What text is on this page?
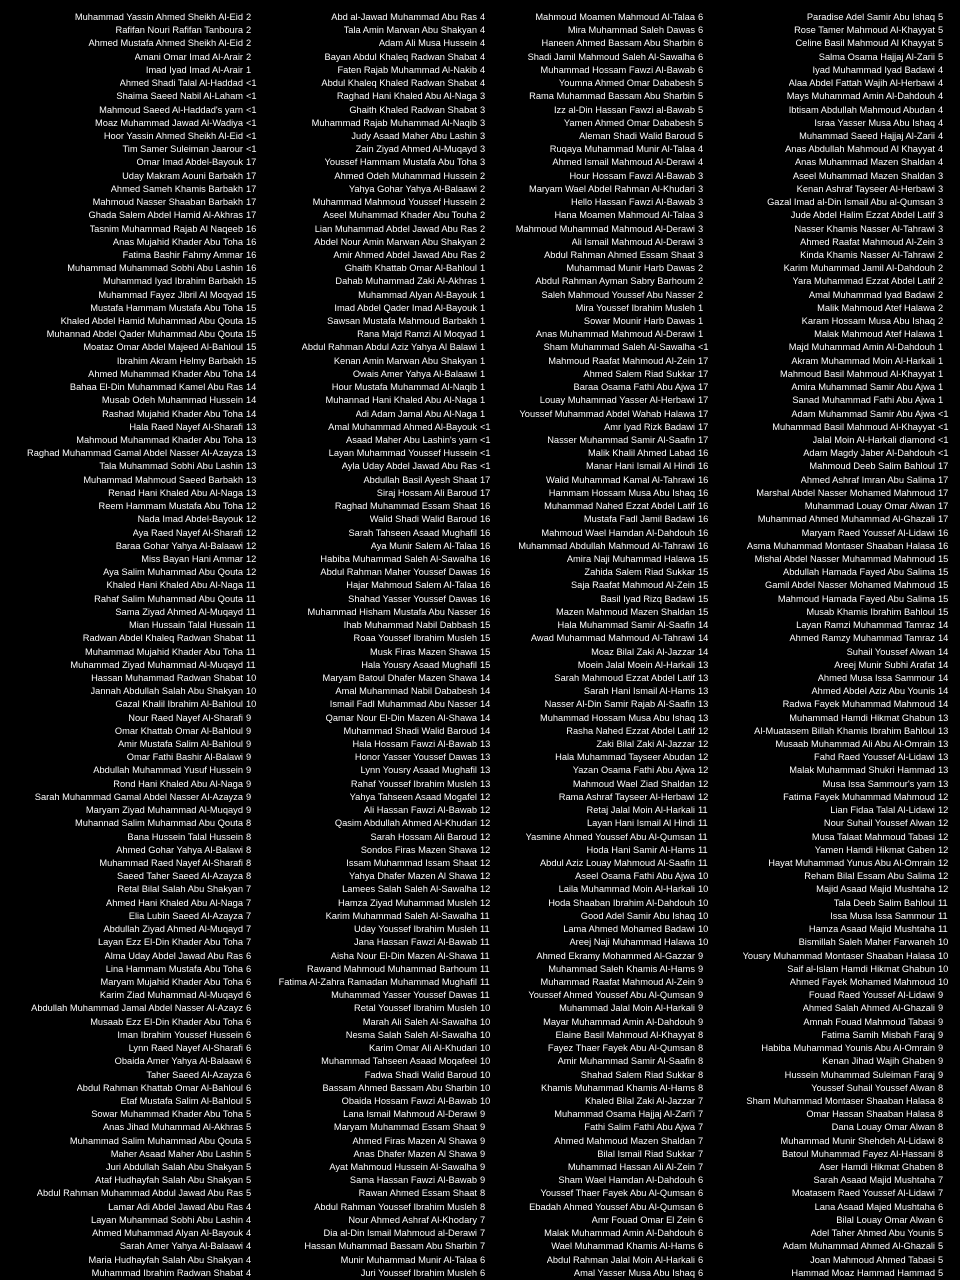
Muhammad Yassin Ahmed Sheikh Al-Eid 2
Rafifan Nouri Rafifan Tanboura 2
Ahmed Mustafa Ahmed Sheikh Al-Eid 2
Amani Omar Imad Al-Arair 2
Imad Iyad Imad Al-Arair 1
Ahmed Shadi Talal Al-Haddad <1
Shaima Saeed Nabil Al-Laham <1
Mahmoud Saeed Al-Haddad's yarn <1
Moaz Muhammad Jawad Al-Wadiya <1
Hoor Yassin Ahmed Sheikh Al-Eid <1
Tim Samer Suleiman Jaarour <1
Omar Imad Abdel-Bayouk 17
Uday Makram Aouni Barbakh 17
Ahmed Sameh Khamis Barbakh 17
Mahmoud Nasser Shaaban Barbakh 17
Ghada Salem Abdel Hamid Al-Akhras 17
Tasnim Muhammad Rajab Al Naqeeb 16
Anas Mujahid Khader Abu Toha 16
Fatima Bashir Fahmy Ammar 16
Muhammad Muhammad Sobhi Abu Lashin 16
Muhammad Iyad Ibrahim Barbakh 15
Muhammad Fayez Jibril Al Moqyad 15
Mustafa Hammam Mustafa Abu Toha 15
Khaled Abdel Hamid Muhammad Abu Qouta 15
Muhannad Abdel Qader Muhammad Abu Qouta 15
Moataz Omar Abdel Majeed Al-Bahloul 15
Ibrahim Akram Helmy Barbakh 15
Ahmed Muhammad Khader Abu Toha 14
Bahaa El-Din Muhammad Kamel Abu Ras 14
Musab Odeh Muhammad Hussein 14
Rashad Mujahid Khader Abu Toha 14
Hala Raed Nayef Al-Sharafi 13
Mahmoud Muhammad Khader Abu Toha 13
Raghad Muhammad Gamal Abdel Nasser Al-Azayza 13
Tala Muhammad Sobhi Abu Lashin 13
Muhammad Mahmoud Saeed Barbakh 13
Renad Hani Khaled Abu Al-Naga 13
Reem Hammam Mustafa Abu Toha 12
Nada Imad Abdel-Bayouk 12
Aya Raed Nayef Al-Sharafi 12
Baraa Gohar Yahya Al-Balaawi 12
Miss Bayan Hani Ammar 12
Aya Salim Muhammad Abu Qouta 12
Khaled Hani Khaled Abu Al-Naga 11
Rahaf Salim Muhammad Abu Qouta 11
Sama Ziyad Ahmed Al-Muqayd 11
Mian Hussain Talal Hussain 11
Radwan Abdel Khaleq Radwan Shabat 11
Muhammad Mujahid Khader Abu Toha 11
Muhammad Ziyad Muhammad Al-Muqayd 11
Hassan Muhammad Radwan Shabat 10
Jannah Abdullah Salah Abu Shakyan 10
Gazal Khalil Ibrahim Al-Bahloul 10
Nour Raed Nayef Al-Sharafi 9
Omar Khattab Omar Al-Bahloul 9
Amir Mustafa Salim Al-Bahloul 9
Omar Fathi Bashir Al-Balawi 9
Abdullah Muhammad Yusuf Hussein 9
Rond Hani Khaled Abu Al-Naga 9
Sarah Muhammad Gamal Abdel Nasser Al-Azayza 9
Maryam Ziyad Muhammad Al-Muqayd 9
Muhannad Salim Muhammad Abu Qouta 8
Bana Hussein Talal Hussein 8
Ahmed Gohar Yahya Al-Balawi 8
Muhammad Raed Nayef Al-Sharafi 8
Saeed Taher Saeed Al-Azayza 8
Retal Bilal Salah Abu Shakyan 7
Ahmed Hani Khaled Abu Al-Naga 7
Elia Lubin Saeed Al-Azayza 7
Abdullah Ziyad Ahmed Al-Muqayd 7
Layan Ezz El-Din Khader Abu Toha 7
Alma Uday Abdel Jawad Abu Ras 6
Lina Hammam Mustafa Abu Toha 6
Maryam Mujahid Khader Abu Toha 6
Karim Ziad Muhammad Al-Muqayd 6
Abdullah Muhammad Jamal Abdel Nasser Al-Azayz 6
Musaab Ezz El-Din Khader Abu Toha 6
Iman Ibrahim Youssef Hussein 6
Lynn Raed Nayef Al-Sharafi 6
Obaida Amer Yahya Al-Balaawi 6
Taher Saeed Al-Azayza 6
Abdul Rahman Khattab Omar Al-Bahloul 6
Etaf Mustafa Salim Al-Bahloul 5
Sowar Muhammad Khader Abu Toha 5
Anas Jihad Muhammad Al-Akhras 5
Muhammad Salim Muhammad Abu Qouta 5
Maher Asaad Maher Abu Lashin 5
Juri Abdullah Salah Abu Shakyan 5
Ataf Hudhayfah Salah Abu Shakyan 5
Abdul Rahman Muhammad Abdul Jawad Abu Ras 5
Lamar Adi Abdel Jawad Abu Ras 4
Layan Muhammad Sobhi Abu Lashin 4
Ahmed Muhammad Alyan Al-Bayouk 4
Sarah Amer Yahya Al-Balaawi 4
Maria Hudhayfah Salah Abu Shakyan 4
Muhammad Ibrahim Radwan Shabat 4
Abd al-Jawad Muhammad Abu Ras 4
Tala Amin Marwan Abu Shakyan 4
Adam Ali Musa Hussein 4
Bayan Abdul Khaleq Radwan Shabat 4
Faten Rajab Muhammad Al-Nakib 4
Abdul Khaleq Khaled Radwan Shabat 4
Raghad Hani Khaled Abu Al-Naga 3
Ghaith Khaled Radwan Shabat 3
Muhammad Rajab Muhammad Al-Naqib 3
Judy Asaad Maher Abu Lashin 3
Zain Ziyad Ahmed Al-Muqayd 3
Youssef Hammam Mustafa Abu Toha 3
Ahmed Odeh Muhammad Hussein 2
Yahya Gohar Yahya Al-Balaawi 2
Muhammad Mahmoud Youssef Hussein 2
Aseel Muhammad Khader Abu Touha 2
Lian Muhammad Abdel Jawad Abu Ras 2
Abdel Nour Amin Marwan Abu Shakyan 2
Amir Ahmed Abdel Jawad Abu Ras 2
Ghaith Khattab Omar Al-Bahloul 1
Dahab Muhammad Zaki Al-Akhras 1
Muhammad Alyan Al-Bayouk 1
Imad Abdel Qader Imad Al-Bayouk 1
Sawsan Mustafa Mahmoud Barbakh 1
Rana Majd Ramzi Al Moqyad 1
Abdul Rahman Abdul Aziz Yahya Al Balawi 1
Kenan Amin Marwan Abu Shakyan 1
Owais Amer Yahya Al-Balaawi 1
Hour Mustafa Muhammad Al-Naqib 1
Muhannad Hani Khaled Abu Al-Naga 1
Adi Adam Jamal Abu Al-Naga 1
Amal Muhammad Ahmed Al-Bayouk <1
Asaad Maher Abu Lashin's yarn <1
Layan Muhammad Youssef Hussein <1
Ayla Uday Abdel Jawad Abu Ras <1
Abdullah Basil Ayesh Shaat 17
Siraj Hossam Ali Baroud 17
Raghad Muhammad Essam Shaat 16
Walid Shadi Walid Baroud 16
Sarah Tahseen Asaad Mughafil 16
Aya Munir Salem Al-Talaa 16
Habiba Muhammad Saleh Al-Sawalha 16
Abdul Rahman Maher Youssef Dawas 16
Hajar Mahmoud Salem Al-Talaa 16
Shahad Yasser Youssef Dawas 16
Muhammad Hisham Mustafa Abu Nasser 16
Ihab Muhammad Nabil Dabbash 15
Roaa Youssef Ibrahim Musleh 15
Musk Firas Mazen Shawa 15
Hala Yousry Asaad Mughafil 15
Maryam Batoul Dhafer Mazen Shawa 14
Amal Muhammad Nabil Dababesh 14
Ismail Fadl Muhammad Abu Nasser 14
Qamar Nour El-Din Mazen Al-Shawa 14
Muhammad Shadi Walid Baroud 14
Hala Hossam Fawzi Al-Bawab 13
Honor Yasser Youssef Dawas 13
Lynn Yousry Asaad Mughafil 13
Rahaf Youssef Ibrahim Musleh 13
Yahya Tahseen Asaad Mogafel 12
Ali Hassan Fawzi Al-Bawab 12
Qasim Abdullah Ahmed Al-Khudari 12
Sarah Hossam Ali Baroud 12
Sondos Firas Mazen Shawa 12
Issam Muhammad Issam Shaat 12
Yahya Dhafer Mazen Al Shawa 12
Lamees Salah Saleh Al-Sawalha 12
Hamza Ziyad Muhammad Musleh 12
Karim Muhammad Saleh Al-Sawalha 11
Uday Youssef Ibrahim Musleh 11
Jana Hassan Fawzi Al-Bawab 11
Aisha Nour El-Din Mazen Al-Shawa 11
Rawand Mahmoud Muhammad Barhoum 11
Fatima Al-Zahra Ramadan Muhammad Mughafil 11
Muhammad Yasser Youssef Dawas 11
Retal Youssef Ibrahim Musleh 10
Marah Ali Saleh Al-Sawalha 10
Nesma Salah Saleh Al-Sawalha 10
Karim Omar Ali Al-Khudari 10
Muhammad Tahseen Asaad Moqafeel 10
Fadwa Shadi Walid Baroud 10
Bassam Ahmed Bassam Abu Sharbin 10
Obaida Hossam Fawzi Al-Bawab 10
Lana Ismail Mahmoud Al-Derawi 9
Maryam Muhammad Essam Shaat 9
Ahmed Firas Mazen Al Shawa 9
Anas Dhafer Mazen Al Shawa 9
Ayat Mahmoud Hussein Al-Sawalha 9
Sama Hassan Fawzi Al-Bawab 9
Rawan Ahmed Essam Shaat 8
Abdul Rahman Youssef Ibrahim Musleh 8
Nour Ahmed Ashraf Al-Khodary 7
Dia al-Din Ismail Mahmoud al-Derawi 7
Hassan Muhammad Bassam Abu Sharbin 7
Munir Muhammad Munir Al-Talaa 6
Juri Youssef Ibrahim Musleh 6
Mahmoud Moamen Mahmoud Al-Talaa 6
Mira Muhammad Saleh Dawas 6
Haneen Ahmed Bassam Abu Sharbin 6
Shadi Jamil Mahmoud Saleh Al-Sawalha 6
Muhammad Hossam Fawzi Al-Bawab 6
Youmna Ahmed Omar Dababesh 5
Rama Muhammad Bassam Abu Sharbin 5
Izz al-Din Hassan Fawzi al-Bawab 5
Yamen Ahmed Omar Dababesh 5
Aleman Shadi Walid Baroud 5
Ruqaya Muhammad Munir Al-Talaa 4
Ahmed Ismail Mahmoud Al-Derawi 4
Hour Hossam Fawzi Al-Bawab 3
Maryam Wael Abdel Rahman Al-Khudari 3
Hello Hassan Fawzi Al-Bawab 3
Hana Moamen Mahmoud Al-Talaa 3
Mahmoud Muhammad Mahmoud Al-Derawi 3
Ali Ismail Mahmoud Al-Derawi 3
Abdul Rahman Ahmed Essam Shaat 3
Muhammad Munir Harb Dawas 2
Abdul Rahman Ayman Sabry Barhoum 2
Saleh Mahmoud Youssef Abu Nasser 2
Mira Youssef Ibrahim Musleh 1
Sowar Mounir Harb Dawas 1
Anas Muhammad Mahmoud Al-Derawi 1
Sham Muhammad Saleh Al-Sawalha <1
Mahmoud Raafat Mahmoud Al-Zein 17
Ahmed Salem Riad Sukkar 17
Baraa Osama Fathi Abu Ajwa 17
Louay Muhammad Yasser Al-Herbawi 17
Youssef Muhammad Abdel Wahab Halawa 17
Amr Iyad Rizk Badawi 17
Nasser Muhammad Samir Al-Saafin 17
Malik Khalil Ahmed Labad 16
Manar Hani Ismail Al Hindi 16
Walid Muhammad Kamal Al-Tahrawi 16
Hammam Hossam Musa Abu Ishaq 16
Muhammad Nahed Ezzat Abdel Latif 16
Mustafa Fadl Jamil Badawi 16
Mahmoud Wael Hamdan Al-Dahdouh 16
Muhammad Abdullah Mahmoud Al-Tahrawi 16
Amira Naji Muhammad Halawa 15
Zahida Salem Riad Sukkar 15
Saja Raafat Mahmoud Al-Zein 15
Basil Iyad Rizq Badawi 15
Mazen Mahmoud Mazen Shaldan 15
Hala Muhammad Samir Al-Saafin 14
Awad Muhammad Mahmoud Al-Tahrawi 14
Moaz Bilal Zaki Al-Jazzar 14
Moein Jalal Moein Al-Harkali 13
Sarah Mahmoud Ezzat Abdel Latif 13
Sarah Hani Ismail Al-Hams 13
Nasser Al-Din Samir Rajab Al-Saafin 13
Muhammad Hossam Musa Abu Ishaq 13
Rasha Nahed Ezzat Abdel Latif 12
Zaki Bilal Zaki Al-Jazzar 12
Hala Muhammad Tayseer Abudan 12
Yazan Osama Fathi Abu Ajwa 12
Mahmoud Wael Ziad Shaldan 12
Rama Ashraf Tayseer Al-Herbawi 12
Retaj Jalal Moin Al-Harkali 11
Layan Hani Ismail Al Hindi 11
Yasmine Ahmed Youssef Abu Al-Qumsan 11
Hoda Hani Samir Al-Hams 11
Abdul Aziz Louay Mahmoud Al-Saafin 11
Aseel Osama Fathi Abu Ajwa 10
Laila Muhammad Moin Al-Harkali 10
Hoda Shaaban Ibrahim Al-Dahdouh 10
Good Adel Samir Abu Ishaq 10
Lama Ahmed Mohamed Badawi 10
Areej Naji Muhammad Halawa 10
Ahmed Ekramy Mohammed Al-Gazzar 9
Muhammad Saleh Khamis Al-Hams 9
Muhammad Raafat Mahmoud Al-Zein 9
Youssef Ahmed Youssef Abu Al-Qumsan 9
Muhammad Jalal Moin Al-Harkali 9
Mayar Muhammad Amin Al-Dahdouh 9
Elaine Basil Mahmoud Al-Khayyat 8
Fayez Thaer Fayek Abu Al-Qumsan 8
Amir Muhammad Samir Al-Saafin 8
Shahad Salem Riad Sukkar 8
Khamis Muhammad Khamis Al-Hams 8
Khaled Bilal Zaki Al-Jazzar 7
Muhammad Osama Hajjaj Al-Zari'i 7
Fathi Salim Fathi Abu Ajwa 7
Ahmed Mahmoud Mazen Shaldan 7
Bilal Ismail Riad Sukkar 7
Muhammad Hassan Ali Al-Zein 7
Sham Wael Hamdan Al-Dahdouh 6
Youssef Thaer Fayek Abu Al-Qumsan 6
Ebadah Ahmed Youssef Abu Al-Qumsan 6
Amr Fouad Omar El Zein 6
Malak Muhammad Amin Al-Dahdouh 6
Wael Muhammad Khamis Al-Hams 6
Abdul Rahman Jalal Moin Al-Harkali 6
Amal Yasser Musa Abu Ishaq 6
Paradise Adel Samir Abu Ishaq 5
Rose Tamer Mahmoud Al-Khayyat 5
Celine Basil Mahmoud Al Khayyat 5
Salma Osama Hajjaj Al-Zarii 5
Iyad Muhammad Iyad Badawi 4
Alaa Abdel Fattah Wajih Al-Herbawi 4
Mays Muhammad Amin Al-Dahdouh 4
Ibtisam Abdullah Mahmoud Abudan 4
Israa Yasser Musa Abu Ishaq 4
Muhammad Saeed Hajjaj Al-Zarii 4
Anas Abdullah Mahmoud Al Khayyat 4
Anas Muhammad Mazen Shaldan 4
Aseel Muhammad Mazen Shaldan 3
Kenan Ashraf Tayseer Al-Herbawi 3
Gazal Imad al-Din Ismail Abu al-Qumsan 3
Jude Abdel Halim Ezzat Abdel Latif 3
Nasser Khamis Nasser Al-Tahrawi 3
Ahmed Raafat Mahmoud Al-Zein 3
Kinda Khamis Nasser Al-Tahrawi 2
Karim Muhammad Jamil Al-Dahdouh 2
Yara Muhammad Ezzat Abdel Latif 2
Amal Muhammad Iyad Badawi 2
Malik Mahmoud Atef Halawa 2
Karam Hossam Musa Abu Ishaq 2
Malak Mahmoud Atef Halawa 1
Majd Muhammad Amin Al-Dahdouh 1
Akram Muhammad Moin Al-Harkali 1
Mahmoud Basil Mahmoud Al-Khayyat 1
Amira Muhammad Samir Abu Ajwa 1
Sanad Muhammad Fathi Abu Ajwa 1
Adam Muhammad Samir Abu Ajwa <1
Muhammad Basil Mahmoud Al-Khayyat <1
Jalal Moin Al-Harkali diamond <1
Adam Magdy Jaber Al-Dahdouh <1
Mahmoud Deeb Salim Bahloul 17
Ahmed Ashraf Imran Abu Salima 17
Marshal Abdel Nasser Mohamed Mahmoud 17
Muhammad Louay Omar Alwan 17
Muhammad Ahmed Muhammad Al-Ghazali 17
Maryam Raed Youssef Al-Lidawi 16
Asma Muhammad Montaser Shaaban Halasa 16
Mishal Abdel Nasser Muhammad Mahmoud 15
Abdullah Hamada Fayed Abu Salima 15
Gamil Abdel Nasser Mohamed Mahmoud 15
Mahmoud Hamada Fayed Abu Salima 15
Musab Khamis Ibrahim Bahloul 15
Layan Ramzi Muhammad Tamraz 14
Ahmed Ramzy Muhammad Tamraz 14
Suhail Youssef Alwan 14
Areej Munir Subhi Arafat 14
Ahmed Musa Issa Sammour 14
Ahmed Abdel Aziz Abu Younis 14
Radwa Fayek Muhammad Mahmoud 14
Muhammad Hamdi Hikmat Ghabun 13
Al-Muatasem Billah Khamis Ibrahim Bahloul 13
Musaab Muhammad Ali Abu Al-Omrain 13
Fahd Raed Youssef Al-Lidawi 13
Malak Muhammad Shukri Hammad 13
Musa Issa Sammour's yarn 13
Fatima Fayek Muhammad Mahmoud 12
Lian Fidaa Talal Al-Lidawi 12
Nour Suhail Youssef Alwan 12
Musa Talaat Mahmoud Tabasi 12
Yamen Hamdi Hikmat Gaben 12
Hayat Muhammad Yunus Abu Al-Omrain 12
Reham Bilal Essam Abu Salima 12
Majid Asaad Majid Mushtaha 12
Tala Deeb Salim Bahloul 11
Issa Musa Issa Sammour 11
Hamza Asaad Majid Mushtaha 11
Bismillah Saleh Maher Farwaneh 10
Yousry Muhammad Montaser Shaaban Halasa 10
Saif al-Islam Hamdi Hikmat Ghabun 10
Ahmed Fayek Mohamed Mahmoud 10
Fouad Raed Youssef Al-Lidawi 9
Ahmed Salah Ahmed Al-Ghazali 9
Amnah Fouad Mahmoud Tabasi 9
Fatima Samih Misbah Faraj 9
Habiba Muhammad Younis Abu Al-Omrain 9
Kenan Jihad Wajih Ghaben 9
Hussein Muhammad Suleiman Faraj 9
Youssef Suhail Youssef Alwan 8
Sham Muhammad Montaser Shaaban Halasa 8
Omar Hassan Shaaban Halasa 8
Dana Louay Omar Alwan 8
Muhammad Munir Shehdeh Al-Lidawi 8
Batoul Muhammad Fayez Al-Hassani 8
Aser Hamdi Hikmat Ghaben 8
Sarah Asaad Majid Mushtaha 7
Moatasem Raed Youssef Al-Lidawi 7
Lana Asaad Majed Mushtaha 6
Bilal Louay Omar Alwan 6
Adel Taher Ahmed Abu Younis 5
Adam Muhammad Ahmed Al-Ghazali 5
Joan Mahmoud Ahmed Tabasi 5
Hammad Moaz Hammad Hammad 5
